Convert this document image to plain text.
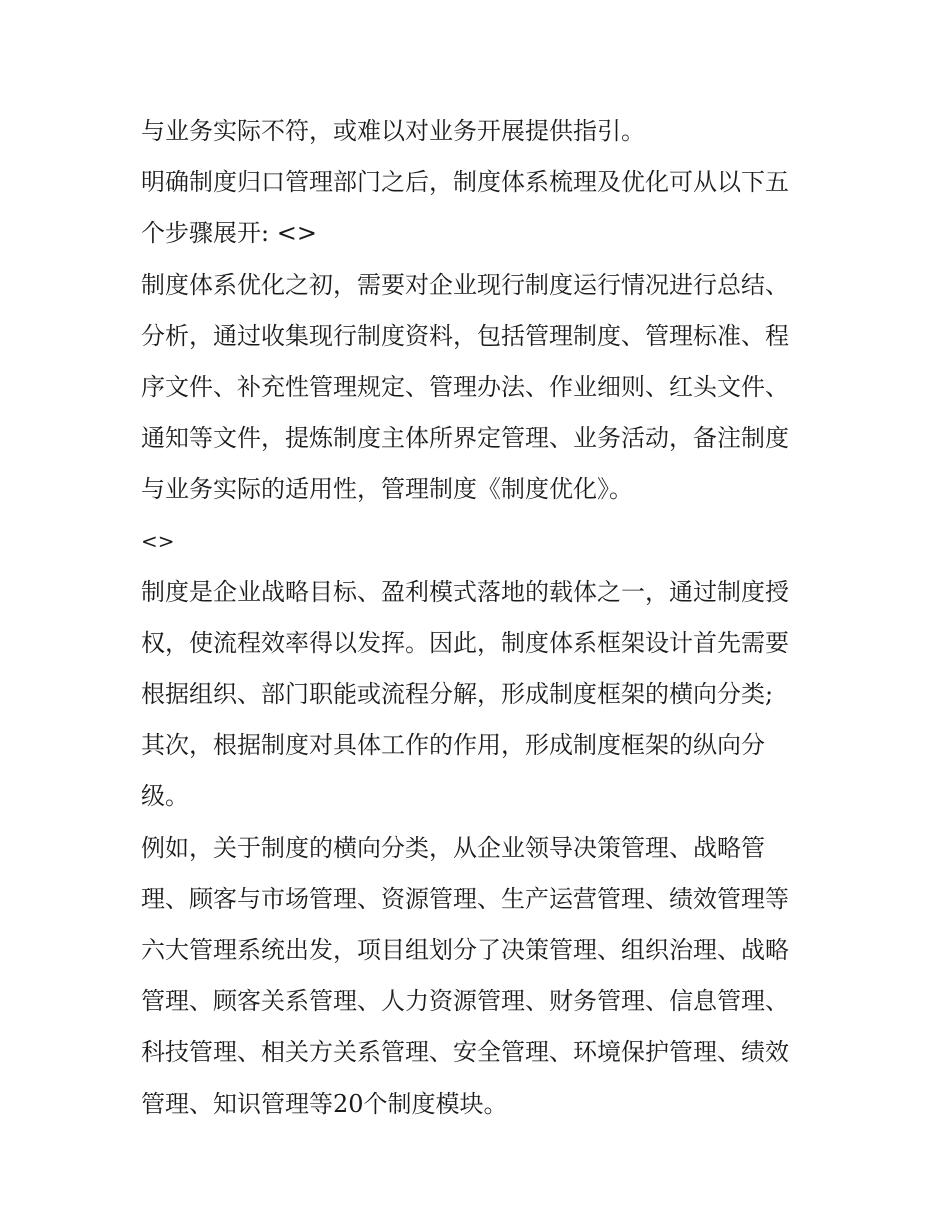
与业务实际不符，或难以对业务开展提供指引。
明确制度归口管理部门之后，制度体系梳理及优化可从以下五
个步骤展开: <>
制度体系优化之初，需要对企业现行制度运行情况进行总结、
分析，通过收集现行制度资料，包括管理制度、管理标准、程
序文件、补充性管理规定、管理办法、作业细则、红头文件、
通知等文件，提炼制度主体所界定管理、业务活动，备注制度
与业务实际的适用性，管理制度《制度优化》。
<>
制度是企业战略目标、盈利模式落地的载体之一，通过制度授
权，使流程效率得以发挥。因此，制度体系框架设计首先需要
根据组织、部门职能或流程分解，形成制度框架的横向分类;
其次，根据制度对具体工作的作用，形成制度框架的纵向分
级。
例如，关于制度的横向分类，从企业领导决策管理、战略管
理、顾客与市场管理、资源管理、生产运营管理、绩效管理等
六大管理系统出发，项目组划分了决策管理、组织治理、战略
管理、顾客关系管理、人力资源管理、财务管理、信息管理、
科技管理、相关方关系管理、安全管理、环境保护管理、绩效
管理、知识管理等20个制度模块。
